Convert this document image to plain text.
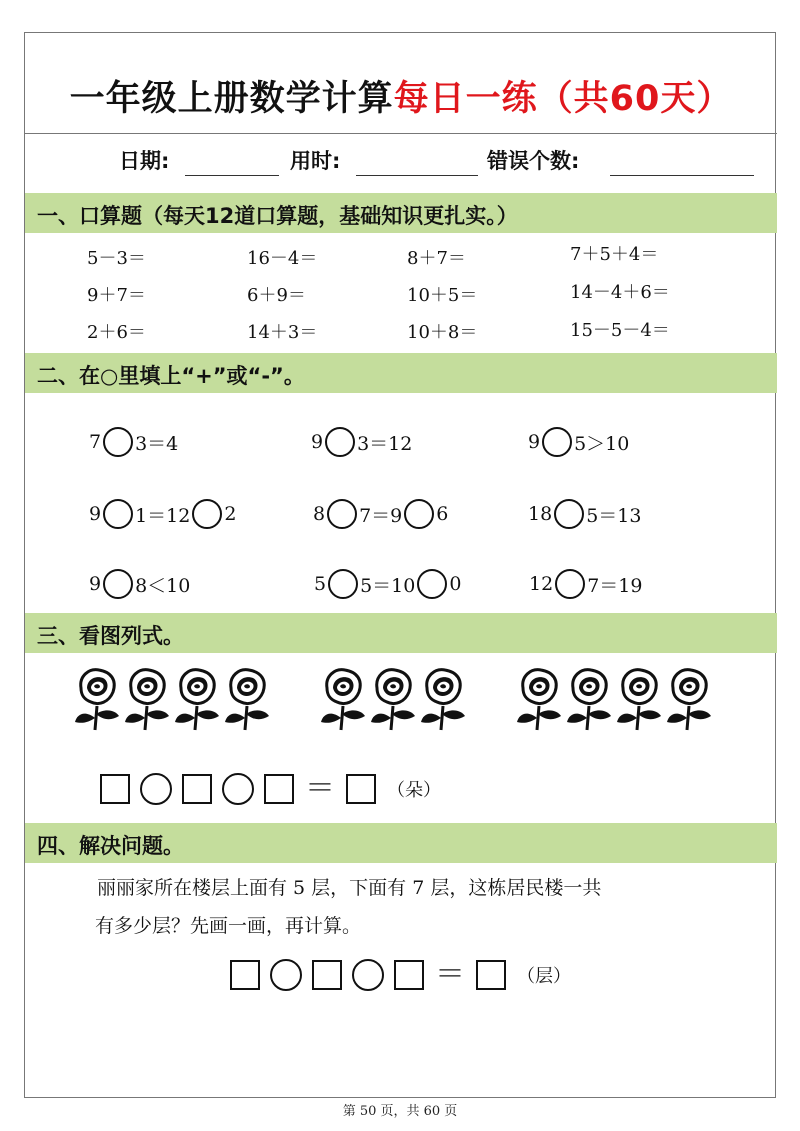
一年级上册数学计算每日一练（共60天）
日期:	用时:	错误个数:
一、口算题（每天12道口算题，基础知识更扎实。）
5－3＝	16－4＝	8＋7＝	7＋5＋4＝
9＋7＝	6＋9＝	10＋5＝	14－4＋6＝
2＋6＝	14＋3＝	10＋8＝	15－5－4＝
二、在○里填上“+”或“-”。
7 3＝4	9 3＝12	9 5＞10
9 1＝12 2	8 7＝9 6	18 5＝13
9 8＜10	5 5＝10 0	12 7＝19
三、看图列式。
＝	（朵）
四、解决问题。
丽丽家所在楼层上面有 5 层，下面有 7 层，这栋居民楼一共
有多少层？先画一画，再计算。
＝	（层）
第 50 页，共 60 页
